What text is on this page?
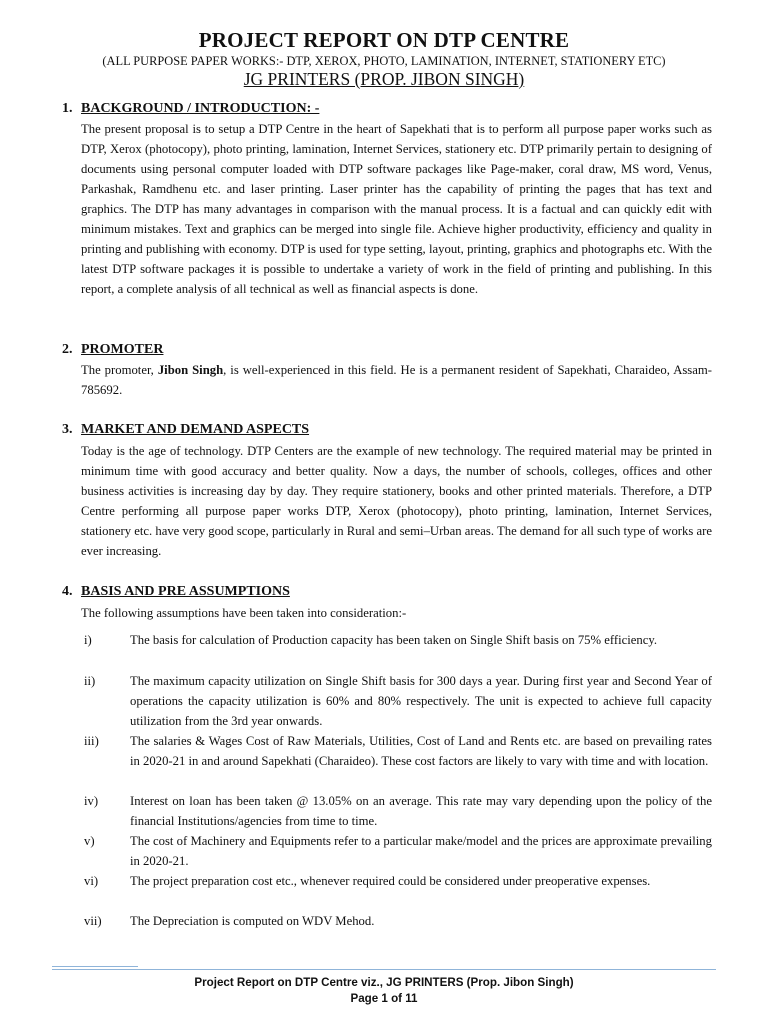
PROJECT REPORT ON DTP CENTRE
(ALL PURPOSE PAPER WORKS:- DTP, XEROX, PHOTO, LAMINATION, INTERNET, STATIONERY ETC)
JG PRINTERS (PROP. JIBON SINGH)
1. BACKGROUND / INTRODUCTION: -
The present proposal is to setup a DTP Centre in the heart of Sapekhati that is to perform all purpose paper works such as DTP, Xerox (photocopy), photo printing, lamination, Internet Services, stationery etc. DTP primarily pertain to designing of documents using personal computer loaded with DTP software packages like Page-maker, coral draw, MS word, Venus, Parkashak, Ramdhenu etc. and laser printing. Laser printer has the capability of printing the pages that has text and graphics. The DTP has many advantages in comparison with the manual process. It is a factual and can quickly edit with minimum mistakes. Text and graphics can be merged into single file. Achieve higher productivity, efficiency and quality in printing and publishing with economy. DTP is used for type setting, layout, printing, graphics and photographs etc. With the latest DTP software packages it is possible to undertake a variety of work in the field of printing and publishing. In this report, a complete analysis of all technical as well as financial aspects is done.
2. PROMOTER
The promoter, Jibon Singh, is well-experienced in this field. He is a permanent resident of Sapekhati, Charaideo, Assam-785692.
3. MARKET AND DEMAND ASPECTS
Today is the age of technology. DTP Centers are the example of new technology. The required material may be printed in minimum time with good accuracy and better quality. Now a days, the number of schools, colleges, offices and other business activities is increasing day by day. They require stationery, books and other printed materials. Therefore, a DTP Centre performing all purpose paper works DTP, Xerox (photocopy), photo printing, lamination, Internet Services, stationery etc. have very good scope, particularly in Rural and semi–Urban areas. The demand for all such type of works are ever increasing.
4. BASIS AND PRE ASSUMPTIONS
The following assumptions have been taken into consideration:-
i)	The basis for calculation of Production capacity has been taken on Single Shift basis on 75% efficiency.
ii)	The maximum capacity utilization on Single Shift basis for 300 days a year. During first year and Second Year of operations the capacity utilization is 60% and 80% respectively. The unit is expected to achieve full capacity utilization from the 3rd year onwards.
iii) The salaries & Wages Cost of Raw Materials, Utilities, Cost of Land and Rents etc. are based on prevailing rates in 2020-21 in and around Sapekhati (Charaideo). These cost factors are likely to vary with time and with location.
iv)	Interest on loan has been taken @ 13.05% on an average. This rate may vary depending upon the policy of the financial Institutions/agencies from time to time.
v)	The cost of Machinery and Equipments refer to a particular make/model and the prices are approximate prevailing in 2020-21.
vi)	The project preparation cost etc., whenever required could be considered under preoperative expenses.
vii) The Depreciation is computed on WDV Mehod.
Project Report on DTP Centre viz., JG PRINTERS (Prop. Jibon Singh)
Page 1 of 11
